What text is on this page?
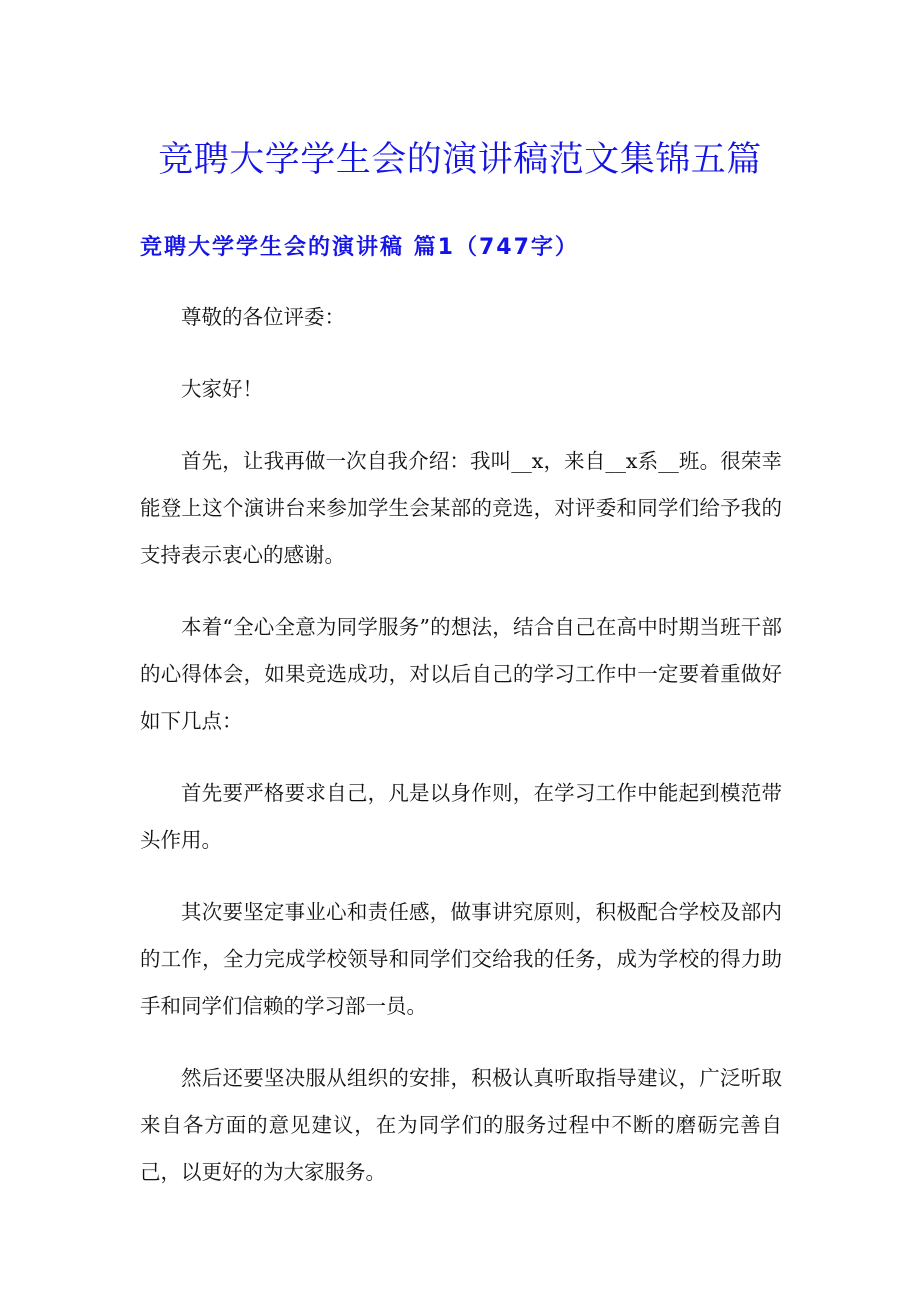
竞聘大学学生会的演讲稿范文集锦五篇
竞聘大学学生会的演讲稿 篇1（747字）

尊敬的各位评委：

大家好！

首先，让我再做一次自我介绍：我叫__x，来自__x系__班。很荣幸能登上这个演讲台来参加学生会某部的竞选，对评委和同学们给予我的支持表示衷心的感谢。

本着“全心全意为同学服务”的想法，结合自己在高中时期当班干部的心得体会，如果竞选成功，对以后自己的学习工作中一定要着重做好如下几点：

首先要严格要求自己，凡是以身作则，在学习工作中能起到模范带头作用。

其次要坚定事业心和责任感，做事讲究原则，积极配合学校及部内的工作，全力完成学校领导和同学们交给我的任务，成为学校的得力助手和同学们信赖的学习部一员。

然后还要坚决服从组织的安排，积极认真听取指导建议，广泛听取来自各方面的意见建议，在为同学们的服务过程中不断的磨砺完善自己，以更好的为大家服务。
